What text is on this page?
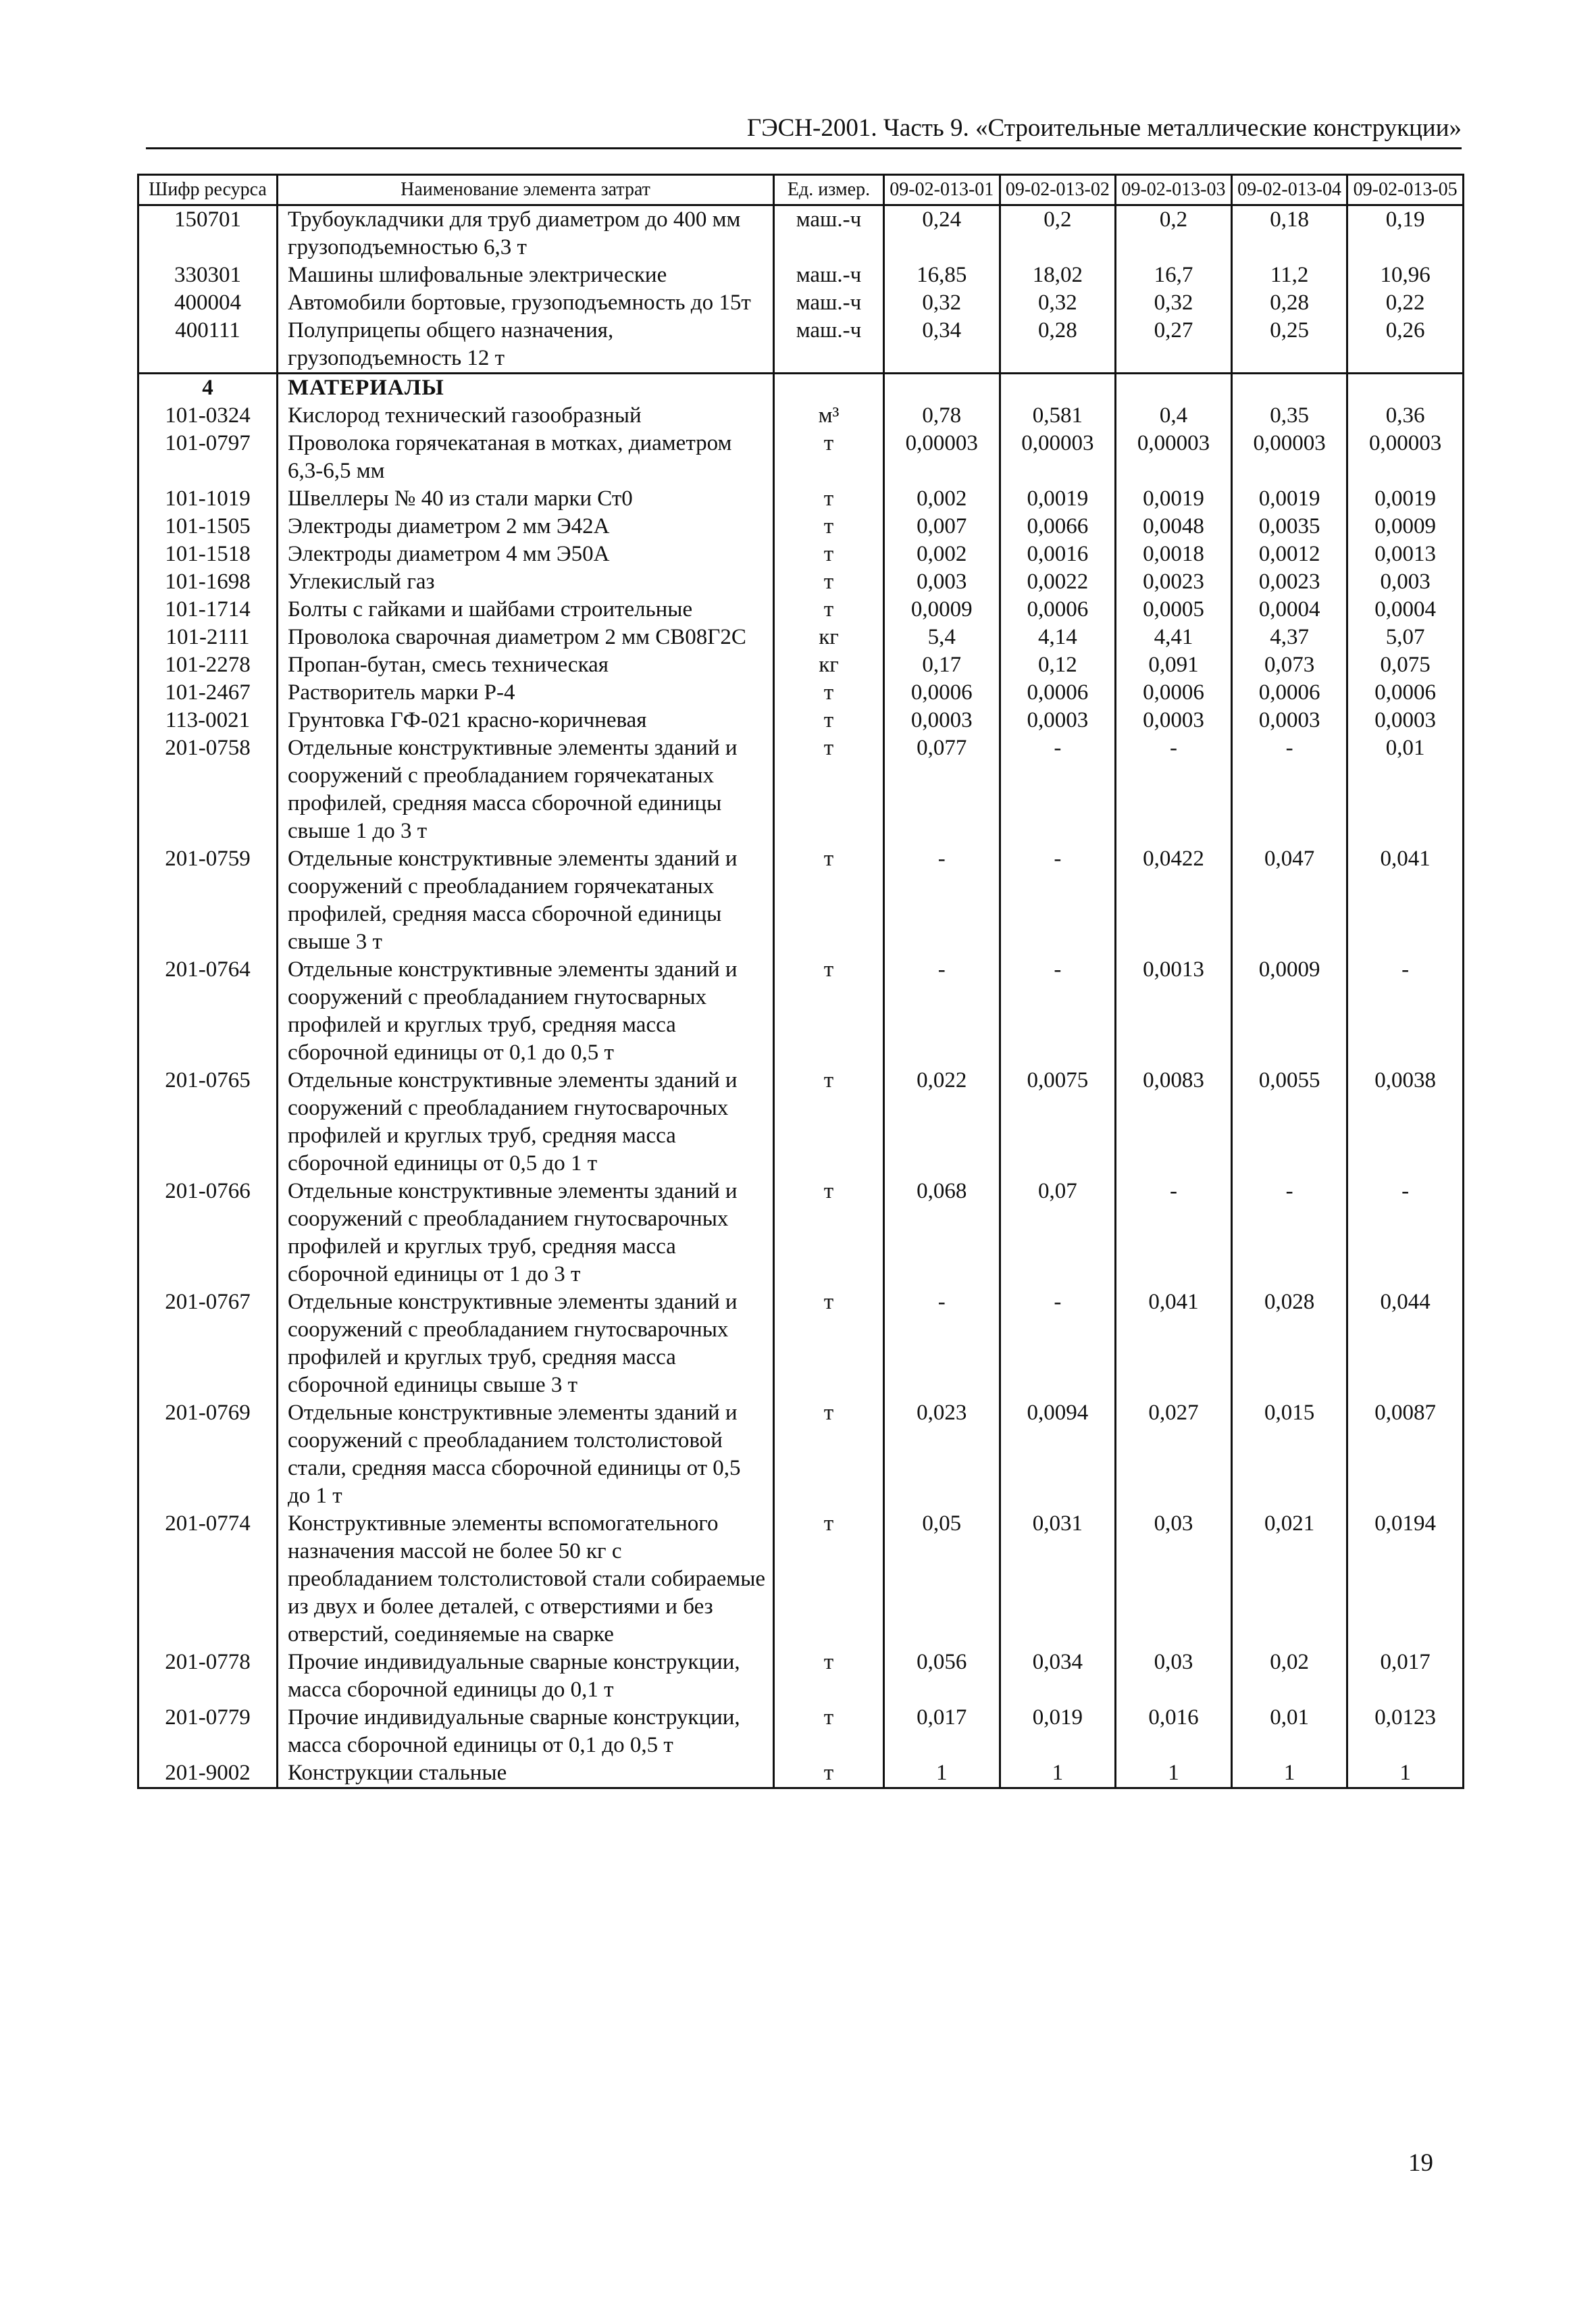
ГЭСН-2001. Часть 9. «Строительные металлические конструкции»
Шифр ресурса	Наименование элемента затрат	Ед. измер.	09-02-013-01	09-02-013-02	09-02-013-03	09-02-013-04	09-02-013-05
150701	Трубоукладчики для труб диаметром до 400 мм грузоподъемностью 6,3 т	маш.-ч	0,24	0,2	0,2	0,18	0,19
330301	Машины шлифовальные электрические	маш.-ч	16,85	18,02	16,7	11,2	10,96
400004	Автомобили бортовые, грузоподъемность до 15т	маш.-ч	0,32	0,32	0,32	0,28	0,22
400111	Полуприцепы общего назначения, грузоподъемность 12 т	маш.-ч	0,34	0,28	0,27	0,25	0,26
4	МАТЕРИАЛЫ						
101-0324	Кислород технический газообразный	м³	0,78	0,581	0,4	0,35	0,36
101-0797	Проволока горячекатаная в мотках, диаметром 6,3-6,5 мм	т	0,00003	0,00003	0,00003	0,00003	0,00003
101-1019	Швеллеры № 40 из стали марки Ст0	т	0,002	0,0019	0,0019	0,0019	0,0019
101-1505	Электроды диаметром 2 мм Э42А	т	0,007	0,0066	0,0048	0,0035	0,0009
101-1518	Электроды диаметром 4 мм Э50А	т	0,002	0,0016	0,0018	0,0012	0,0013
101-1698	Углекислый газ	т	0,003	0,0022	0,0023	0,0023	0,003
101-1714	Болты с гайками и шайбами строительные	т	0,0009	0,0006	0,0005	0,0004	0,0004
101-2111	Проволока сварочная диаметром 2 мм СВ08Г2С	кг	5,4	4,14	4,41	4,37	5,07
101-2278	Пропан-бутан, смесь техническая	кг	0,17	0,12	0,091	0,073	0,075
101-2467	Растворитель марки Р-4	т	0,0006	0,0006	0,0006	0,0006	0,0006
113-0021	Грунтовка ГФ-021 красно-коричневая	т	0,0003	0,0003	0,0003	0,0003	0,0003
201-0758	Отдельные конструктивные элементы зданий и сооружений с преобладанием горячекатаных профилей, средняя масса сборочной единицы свыше 1 до 3 т	т	0,077	-	-	-	0,01
201-0759	Отдельные конструктивные элементы зданий и сооружений с преобладанием горячекатаных профилей, средняя масса сборочной единицы свыше 3 т	т	-	-	0,0422	0,047	0,041
201-0764	Отдельные конструктивные элементы зданий и сооружений с преобладанием гнутосварных профилей и круглых труб, средняя масса сборочной единицы от 0,1 до 0,5 т	т	-	-	0,0013	0,0009	-
201-0765	Отдельные конструктивные элементы зданий и сооружений с преобладанием гнутосварочных профилей и круглых труб, средняя масса сборочной единицы от 0,5 до 1 т	т	0,022	0,0075	0,0083	0,0055	0,0038
201-0766	Отдельные конструктивные элементы зданий и сооружений с преобладанием гнутосварочных профилей и круглых труб, средняя масса сборочной единицы от 1 до 3 т	т	0,068	0,07	-	-	-
201-0767	Отдельные конструктивные элементы зданий и сооружений с преобладанием гнутосварочных профилей и круглых труб, средняя масса сборочной единицы свыше 3 т	т	-	-	0,041	0,028	0,044
201-0769	Отдельные конструктивные элементы зданий и сооружений с преобладанием толстолистовой стали, средняя масса сборочной единицы от 0,5 до 1 т	т	0,023	0,0094	0,027	0,015	0,0087
201-0774	Конструктивные элементы вспомогательного назначения массой не более 50 кг с преобладанием толстолистовой стали собираемые из двух и более деталей, с отверстиями и без отверстий, соединяемые на сварке	т	0,05	0,031	0,03	0,021	0,0194
201-0778	Прочие индивидуальные сварные конструкции, масса сборочной единицы до 0,1 т	т	0,056	0,034	0,03	0,02	0,017
201-0779	Прочие индивидуальные сварные конструкции, масса сборочной единицы от 0,1 до 0,5 т	т	0,017	0,019	0,016	0,01	0,0123
201-9002	Конструкции стальные	т	1	1	1	1	1
19
